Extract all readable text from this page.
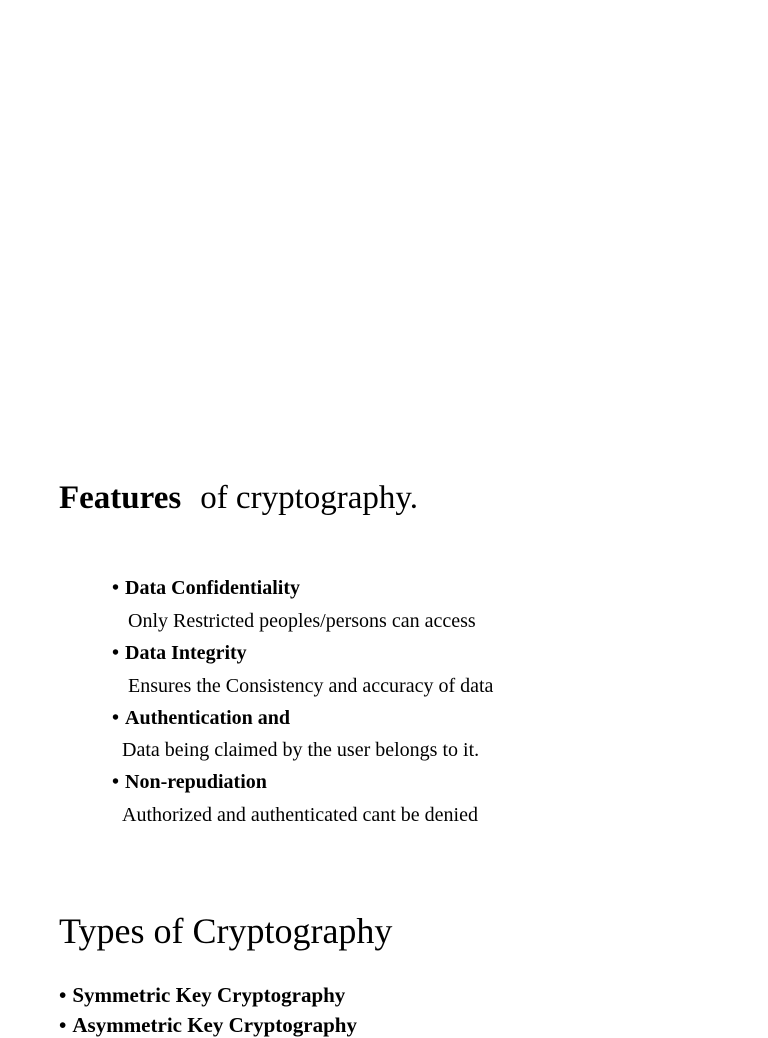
Features of cryptography.
• Data Confidentiality
Only Restricted peoples/persons can access
• Data Integrity
Ensures the Consistency and accuracy of data
• Authentication and
Data being claimed by the user belongs to it.
• Non-repudiation
Authorized and authenticated cant be denied
Types of Cryptography
• Symmetric Key Cryptography
• Asymmetric Key Cryptography
